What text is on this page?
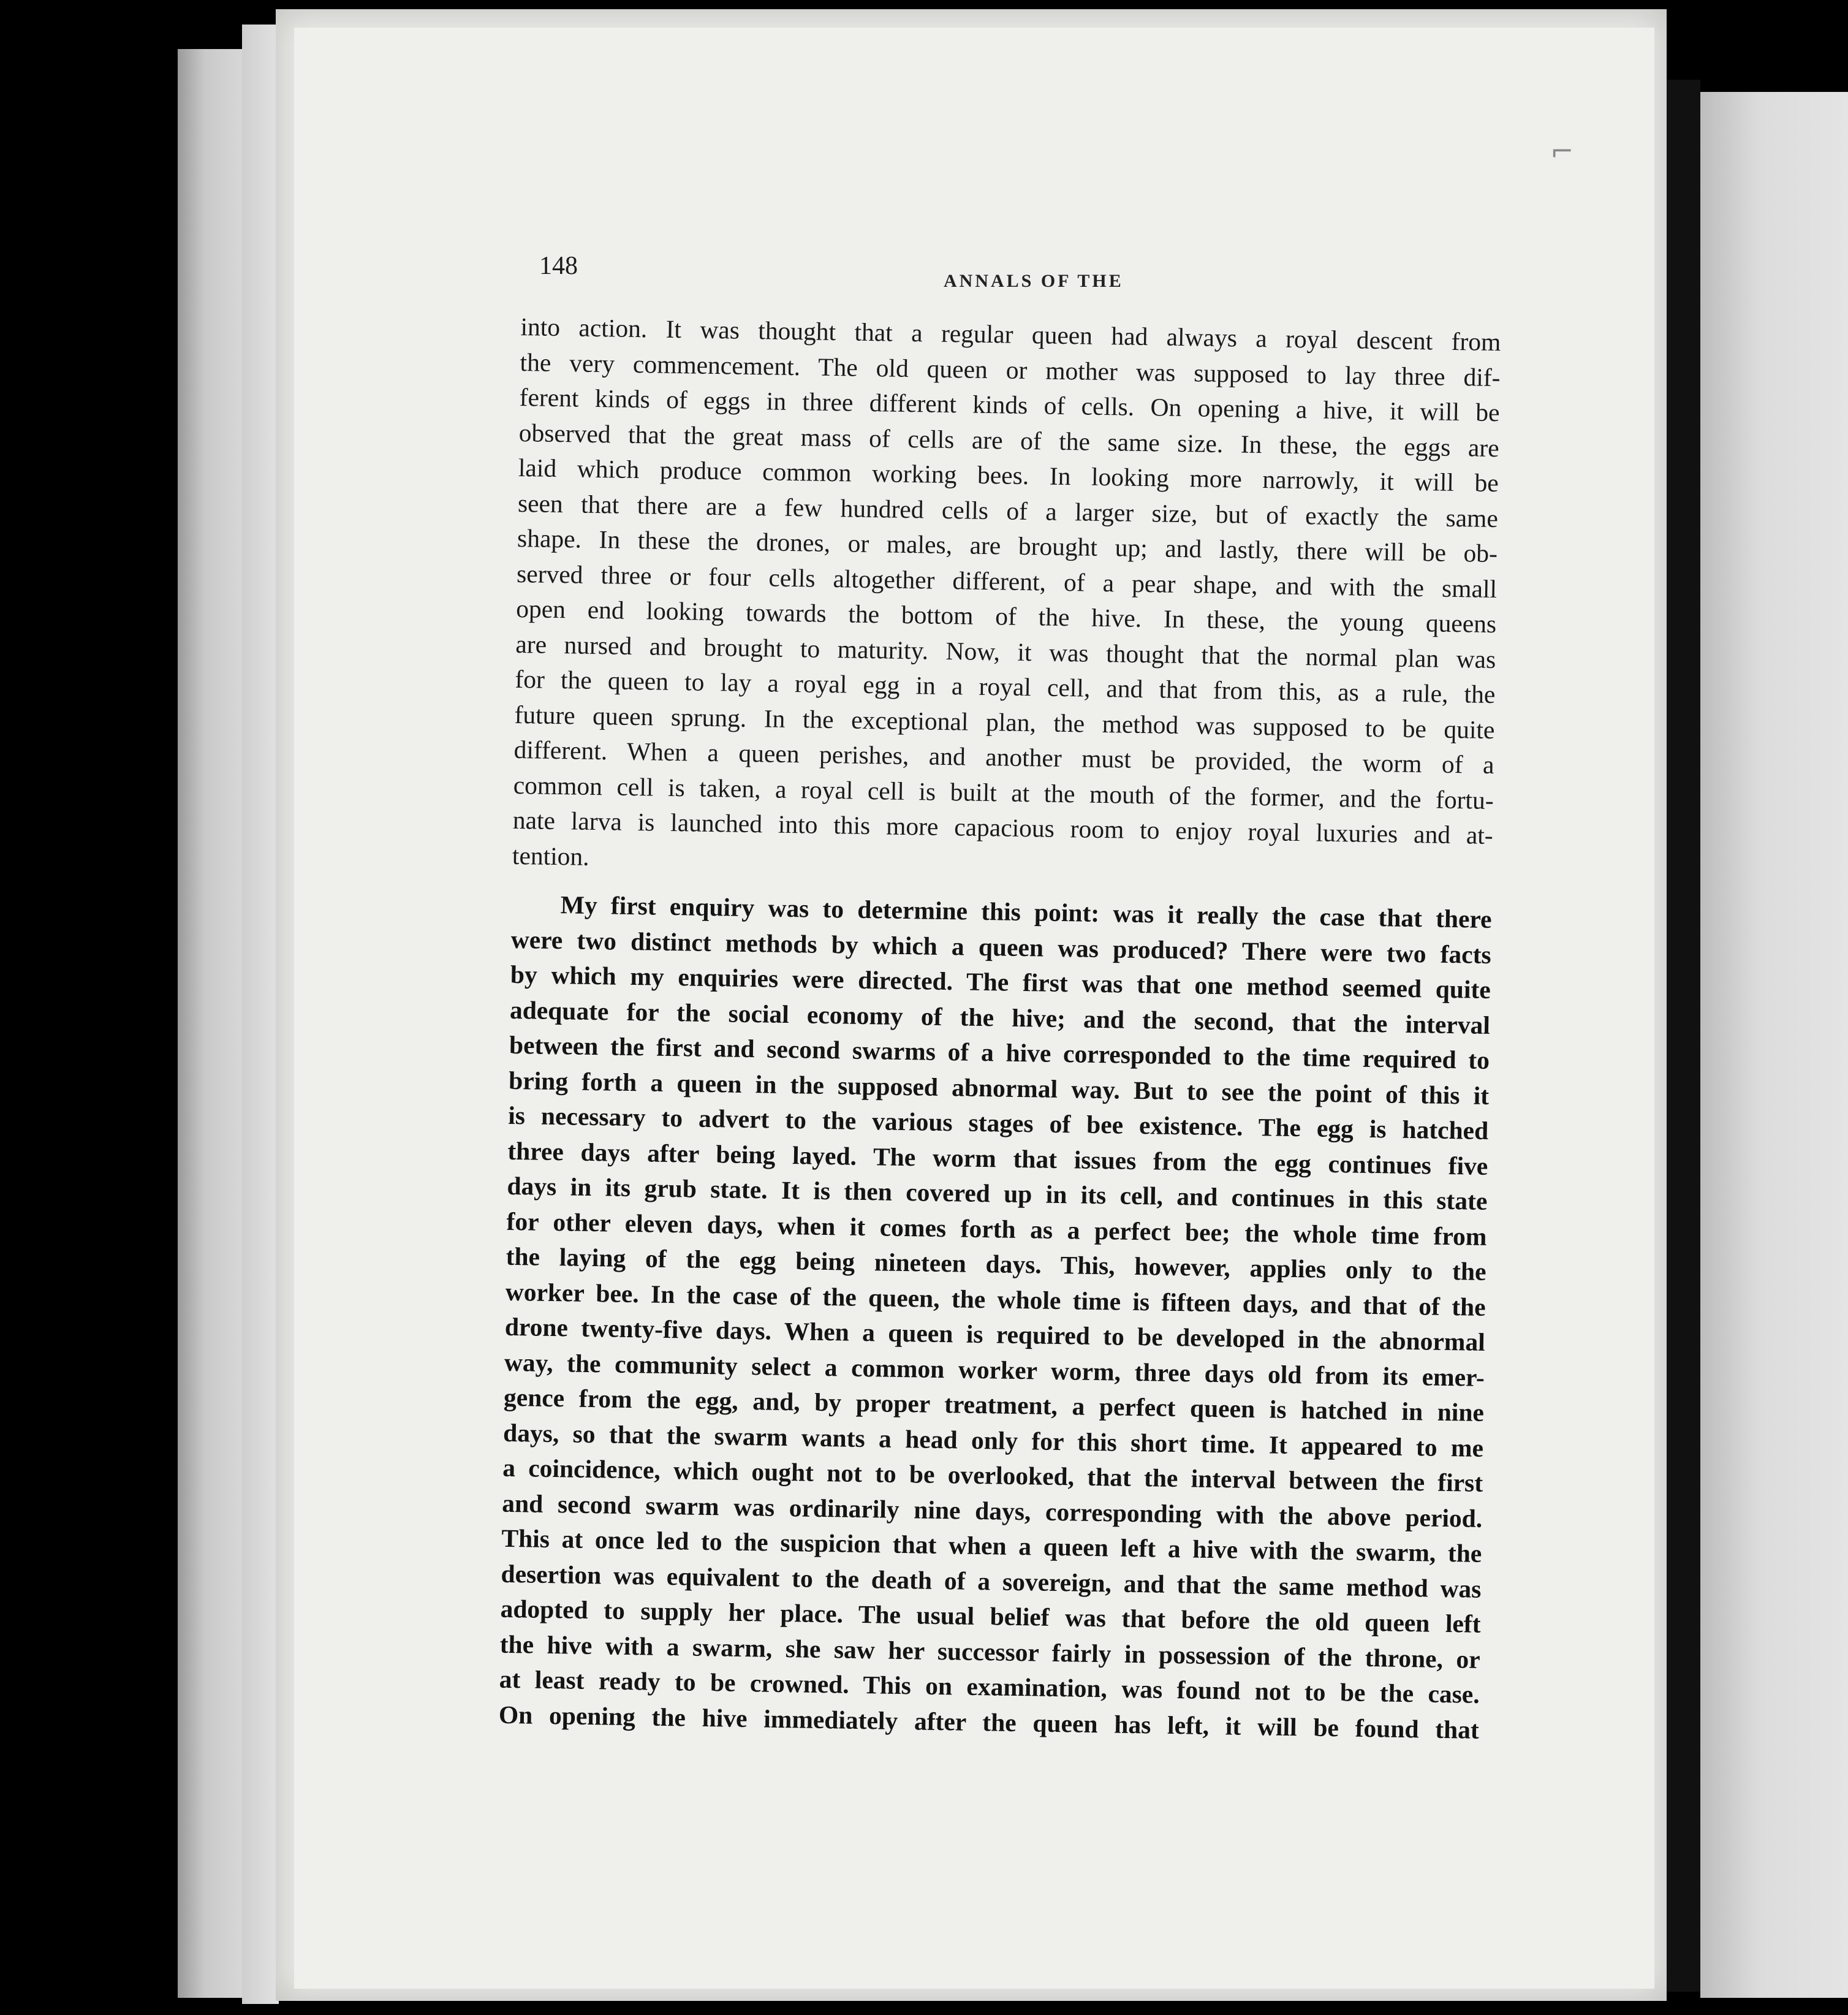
⌐
148
ANNALS OF THE
into action. It was thought that a regular queen had always a royal descent from
the very commencement. The old queen or mother was supposed to lay three dif-
ferent kinds of eggs in three different kinds of cells. On opening a hive, it will be
observed that the great mass of cells are of the same size. In these, the eggs are
laid which produce common working bees. In looking more narrowly, it will be
seen that there are a few hundred cells of a larger size, but of exactly the same
shape. In these the drones, or males, are brought up; and lastly, there will be ob-
served three or four cells altogether different, of a pear shape, and with the small
open end looking towards the bottom of the hive. In these, the young queens
are nursed and brought to maturity. Now, it was thought that the normal plan was
for the queen to lay a royal egg in a royal cell, and that from this, as a rule, the
future queen sprung. In the exceptional plan, the method was supposed to be quite
different. When a queen perishes, and another must be provided, the worm of a
common cell is taken, a royal cell is built at the mouth of the former, and the fortu-
nate larva is launched into this more capacious room to enjoy royal luxuries and at-
tention.
My first enquiry was to determine this point: was it really the case that there
were two distinct methods by which a queen was produced? There were two facts
by which my enquiries were directed. The first was that one method seemed quite
adequate for the social economy of the hive; and the second, that the interval
between the first and second swarms of a hive corresponded to the time required to
bring forth a queen in the supposed abnormal way. But to see the point of this it
is necessary to advert to the various stages of bee existence. The egg is hatched
three days after being layed. The worm that issues from the egg continues five
days in its grub state. It is then covered up in its cell, and continues in this state
for other eleven days, when it comes forth as a perfect bee; the whole time from
the laying of the egg being nineteen days. This, however, applies only to the
worker bee. In the case of the queen, the whole time is fifteen days, and that of the
drone twenty-five days. When a queen is required to be developed in the abnormal
way, the community select a common worker worm, three days old from its emer-
gence from the egg, and, by proper treatment, a perfect queen is hatched in nine
days, so that the swarm wants a head only for this short time. It appeared to me
a coincidence, which ought not to be overlooked, that the interval between the first
and second swarm was ordinarily nine days, corresponding with the above period.
This at once led to the suspicion that when a queen left a hive with the swarm, the
desertion was equivalent to the death of a sovereign, and that the same method was
adopted to supply her place. The usual belief was that before the old queen left
the hive with a swarm, she saw her successor fairly in possession of the throne, or
at least ready to be crowned. This on examination, was found not to be the case.
On opening the hive immediately after the queen has left, it will be found that
